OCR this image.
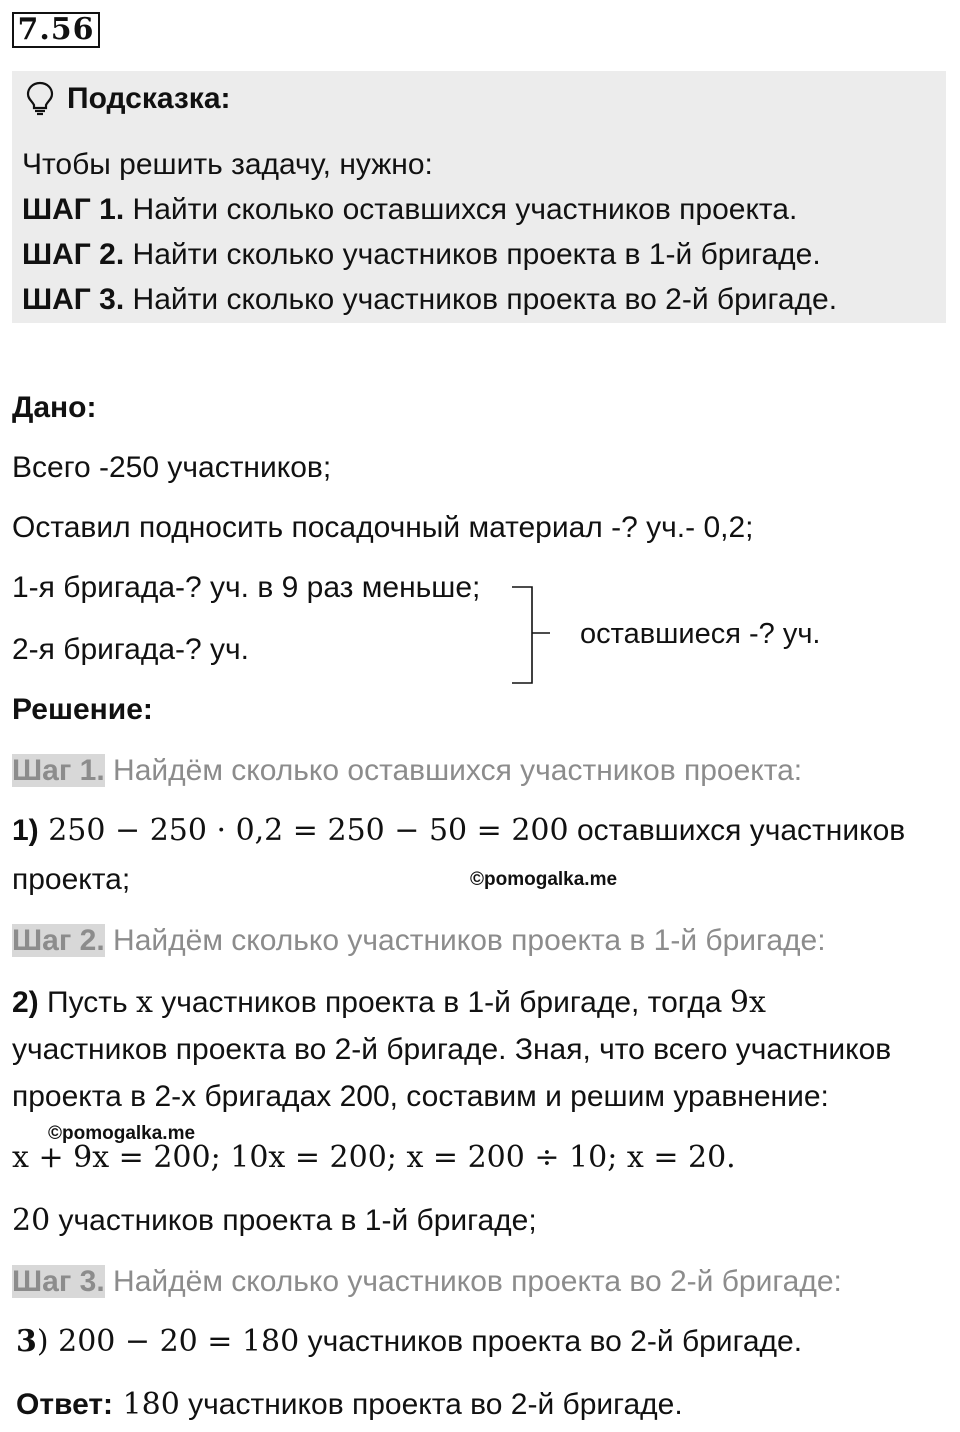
7.56
Подсказка:
Чтобы решить задачу, нужно:
ШАГ 1. Найти сколько оставшихся участников проекта.
ШАГ 2. Найти сколько участников проекта в 1-й бригаде.
ШАГ 3. Найти сколько участников проекта во 2-й бригаде.
Дано:
Всего -250 участников;
Оставил подносить посадочный материал -? уч.- 0,2;
1-я бригада-? уч. в 9 раз меньше;
2-я бригада-? уч.	оставшиеся -? уч.
Решение:
Шаг 1. Найдём сколько оставшихся участников проекта:
1) 250 − 250 · 0,2 = 250 − 50 = 200 оставшихся участников
проекта;	©pomogalka.me
Шаг 2. Найдём сколько участников проекта в 1-й бригаде:
2) Пусть x участников проекта в 1-й бригаде, тогда 9x
участников проекта во 2-й бригаде. Зная, что всего участников
проекта в 2-х бригадах 200, составим и решим уравнение:
©pomogalka.me
x + 9x = 200; 10x = 200; x = 200 ÷ 10; x = 20.
20 участников проекта в 1-й бригаде;
Шаг 3. Найдём сколько участников проекта во 2-й бригаде:
3) 200 − 20 = 180 участников проекта во 2-й бригаде.
Ответ: 180 участников проекта во 2-й бригаде.
